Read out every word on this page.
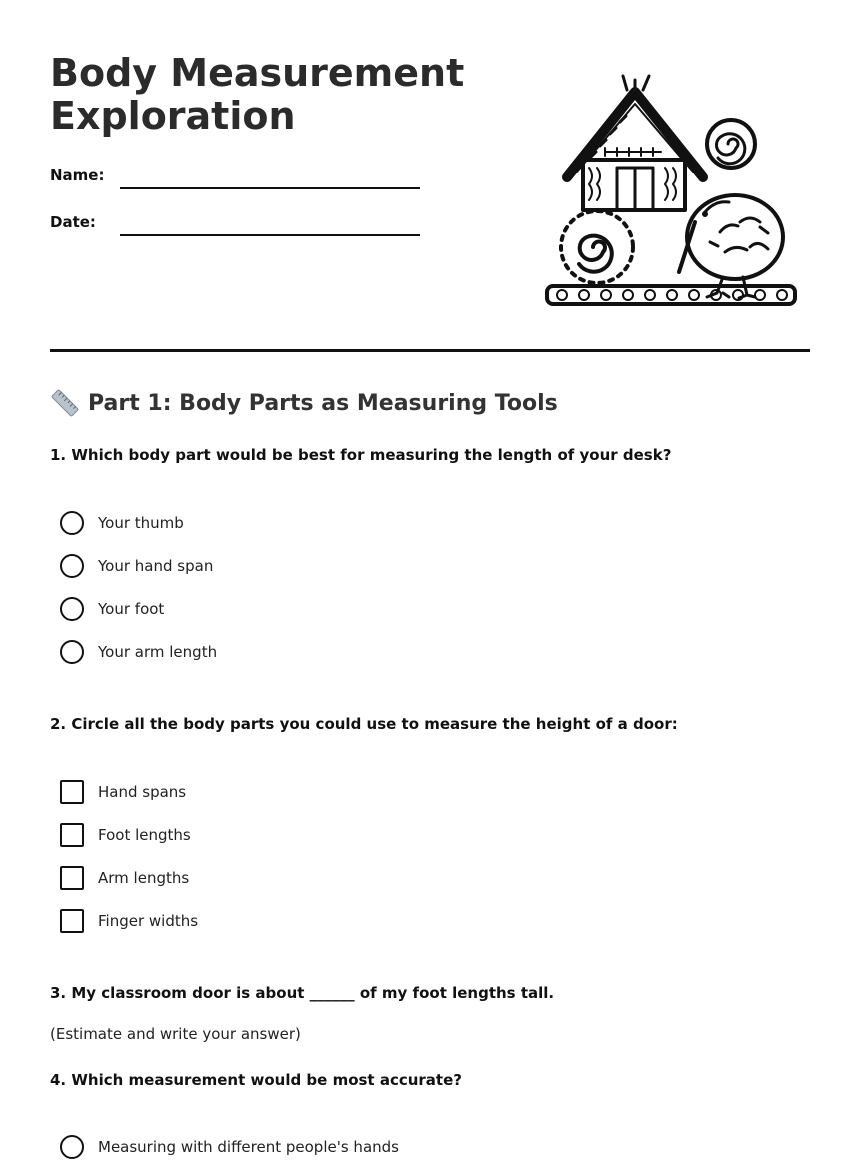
Body Measurement Exploration
Name:
Date:
Part 1: Body Parts as Measuring Tools
1. Which body part would be best for measuring the length of your desk?
Your thumb
Your hand span
Your foot
Your arm length
2. Circle all the body parts you could use to measure the height of a door:
Hand spans
Foot lengths
Arm lengths
Finger widths
3. My classroom door is about ______ of my foot lengths tall.
(Estimate and write your answer)
4. Which measurement would be most accurate?
Measuring with different people's hands
